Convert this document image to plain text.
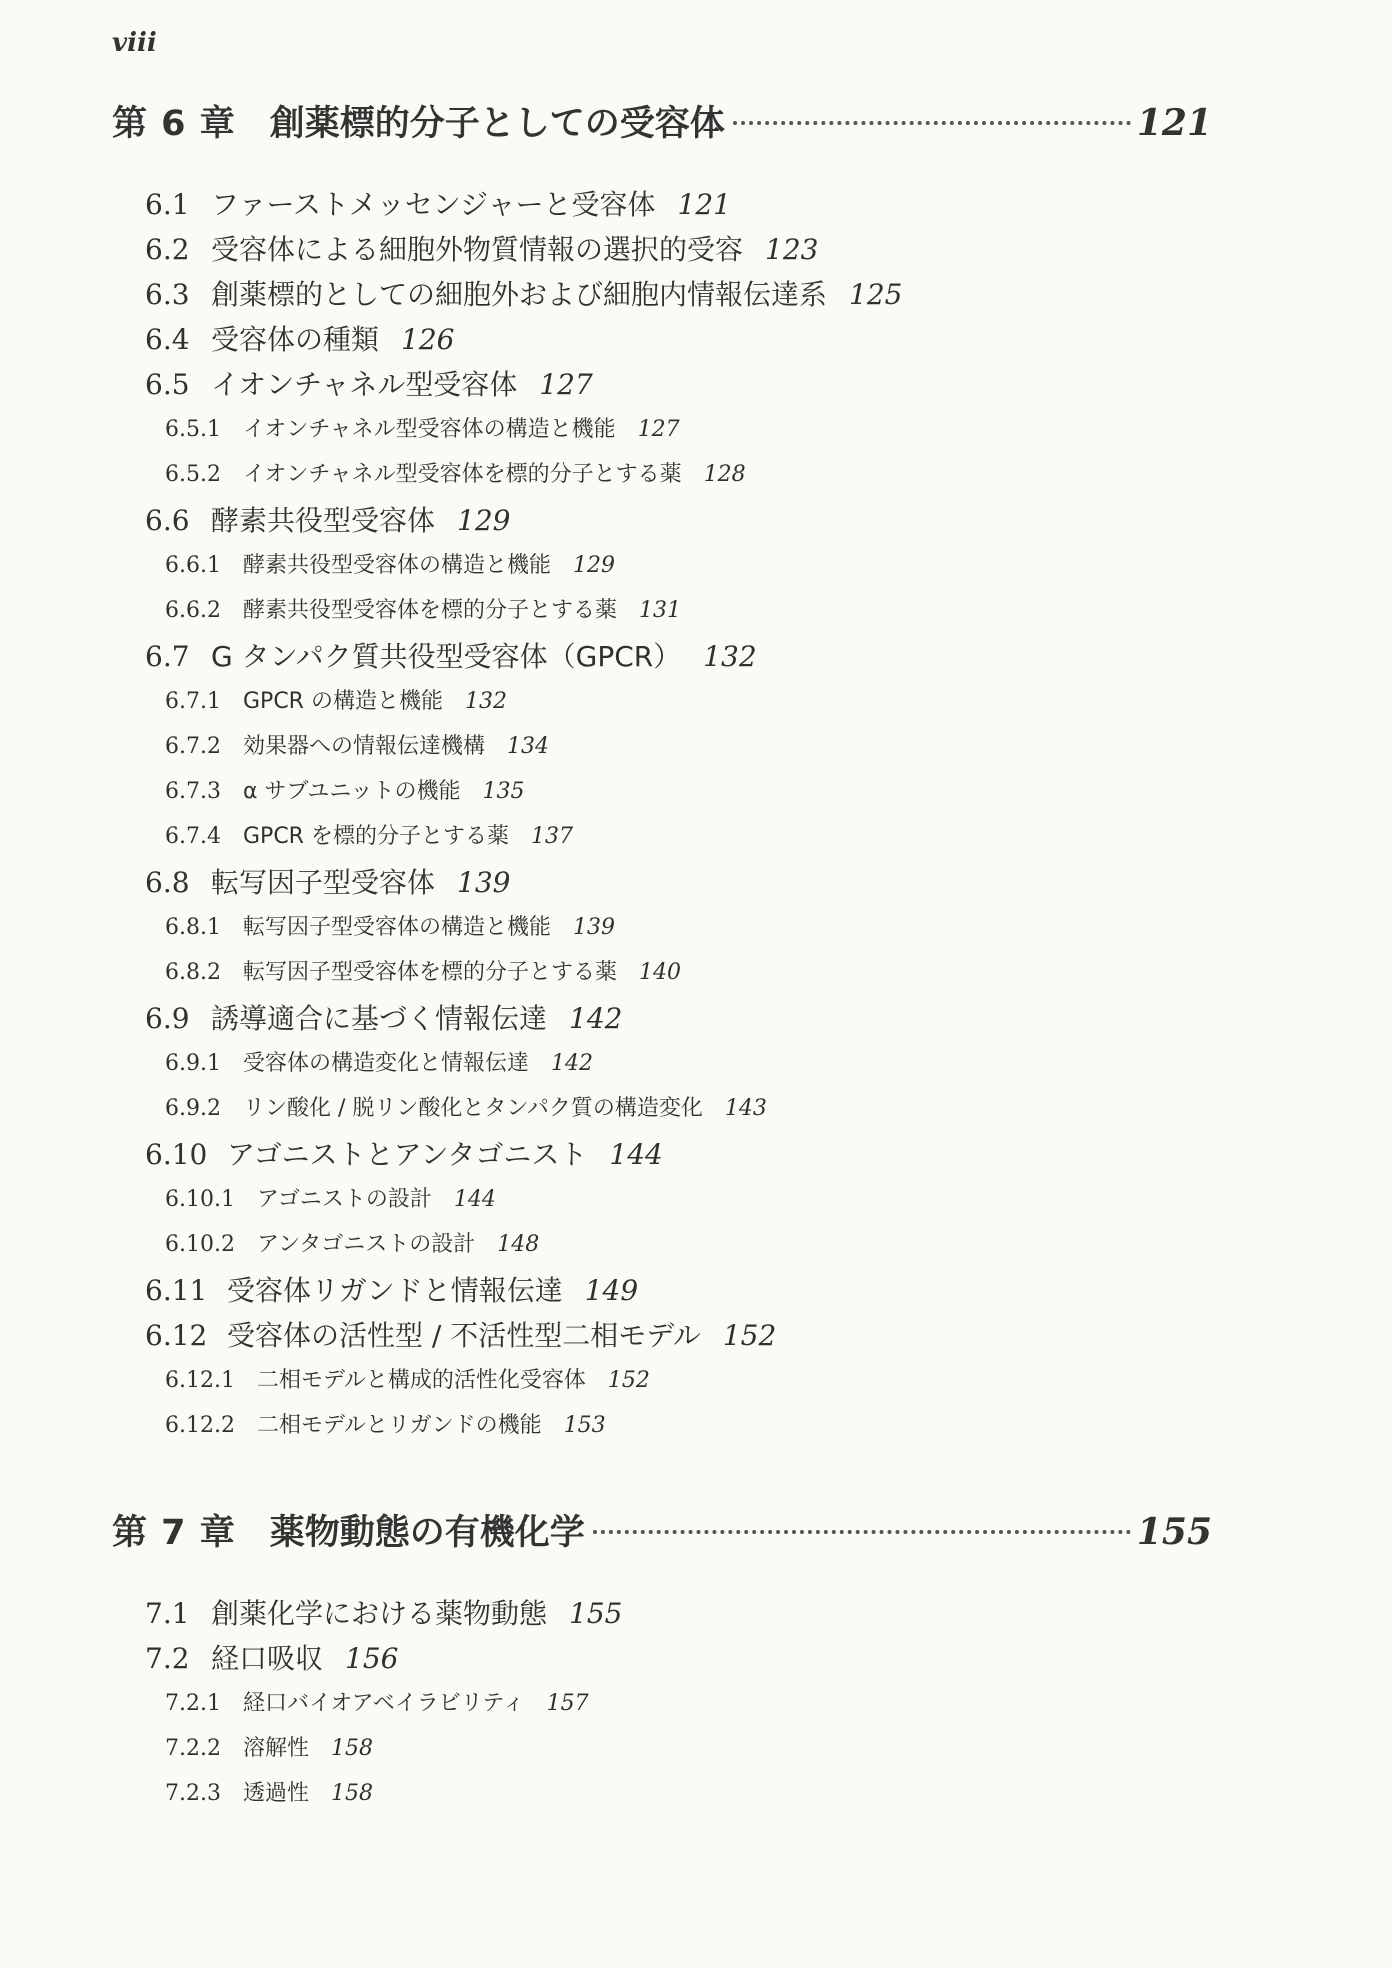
viii
第 6 章 創薬標的分子としての受容体	121
6.1 ファーストメッセンジャーと受容体 121
6.2 受容体による細胞外物質情報の選択的受容 123
6.3 創薬標的としての細胞外および細胞内情報伝達系 125
6.4 受容体の種類 126
6.5 イオンチャネル型受容体 127
6.5.1 イオンチャネル型受容体の構造と機能 127
6.5.2 イオンチャネル型受容体を標的分子とする薬 128
6.6 酵素共役型受容体 129
6.6.1 酵素共役型受容体の構造と機能 129
6.6.2 酵素共役型受容体を標的分子とする薬 131
6.7 G タンパク質共役型受容体（GPCR） 132
6.7.1 GPCR の構造と機能 132
6.7.2 効果器への情報伝達機構 134
6.7.3 α サブユニットの機能 135
6.7.4 GPCR を標的分子とする薬 137
6.8 転写因子型受容体 139
6.8.1 転写因子型受容体の構造と機能 139
6.8.2 転写因子型受容体を標的分子とする薬 140
6.9 誘導適合に基づく情報伝達 142
6.9.1 受容体の構造変化と情報伝達 142
6.9.2 リン酸化 / 脱リン酸化とタンパク質の構造変化 143
6.10 アゴニストとアンタゴニスト 144
6.10.1 アゴニストの設計 144
6.10.2 アンタゴニストの設計 148
6.11 受容体リガンドと情報伝達 149
6.12 受容体の活性型 / 不活性型二相モデル 152
6.12.1 二相モデルと構成的活性化受容体 152
6.12.2 二相モデルとリガンドの機能 153
第 7 章 薬物動態の有機化学	155
7.1 創薬化学における薬物動態 155
7.2 経口吸収 156
7.2.1 経口バイオアベイラビリティ 157
7.2.2 溶解性 158
7.2.3 透過性 158
